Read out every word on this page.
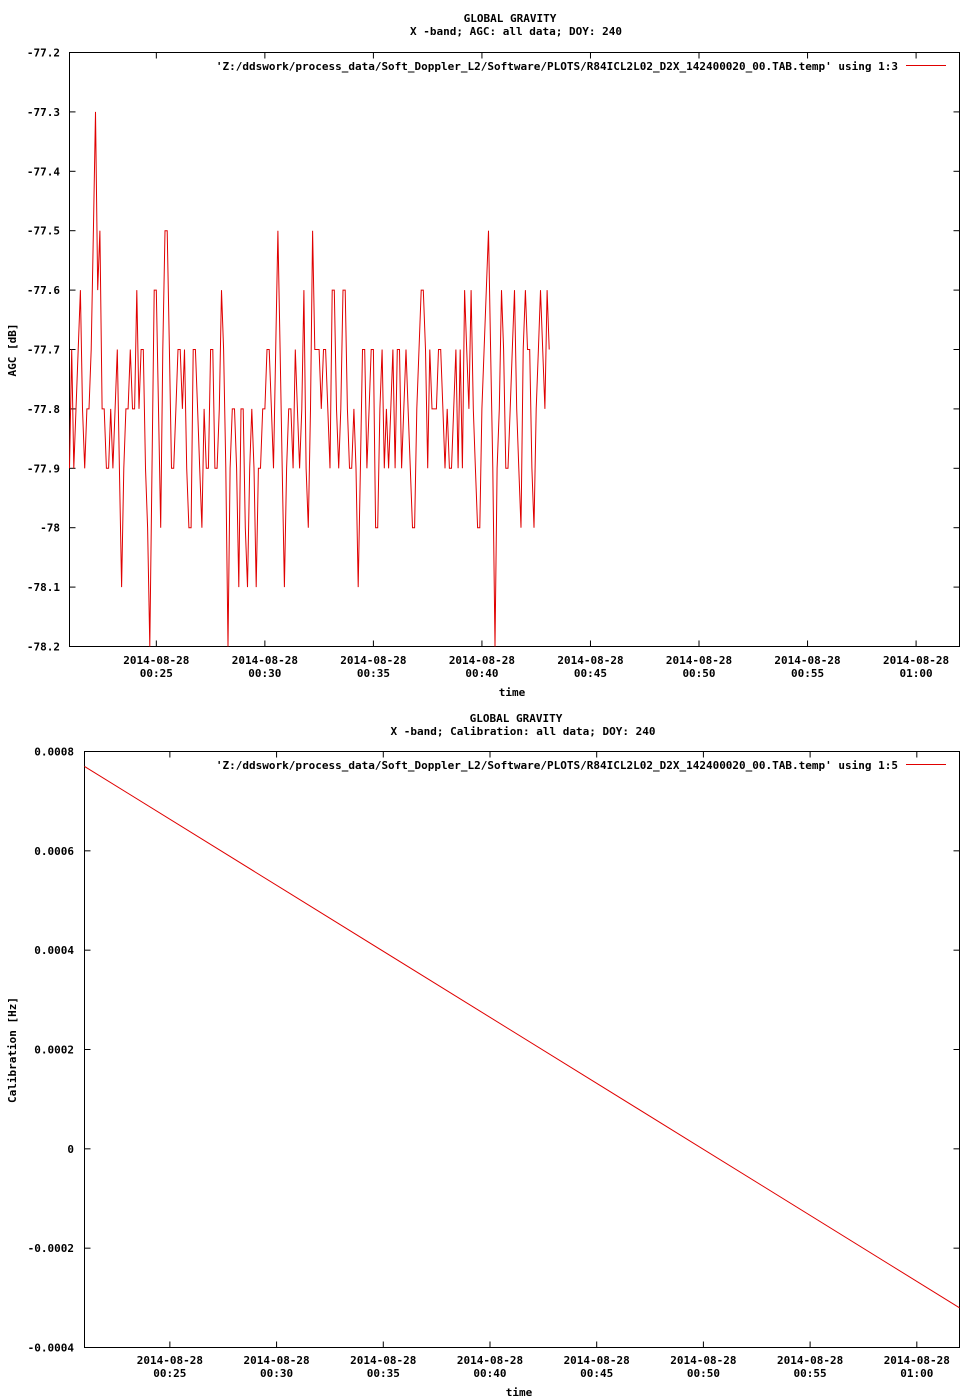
GLOBAL GRAVITY
X -band; AGC: all data; DOY: 240
AGC [dB]
time
-77.2
-77.3
-77.4
-77.5
-77.6
-77.7
-77.8
-77.9
-78
-78.1
-78.2
2014-08-28
00:25
2014-08-28
00:30
2014-08-28
00:35
2014-08-28
00:40
2014-08-28
00:45
2014-08-28
00:50
2014-08-28
00:55
2014-08-28
01:00
'Z:/ddswork/process_data/Soft_Doppler_L2/Software/PLOTS/R84ICL2L02_D2X_142400020_00.TAB.temp' using 1:3
GLOBAL GRAVITY
X -band; Calibration: all data; DOY: 240
Calibration [Hz]
time
0.0008
0.0006
0.0004
0.0002
0
-0.0002
-0.0004
2014-08-28
00:25
2014-08-28
00:30
2014-08-28
00:35
2014-08-28
00:40
2014-08-28
00:45
2014-08-28
00:50
2014-08-28
00:55
2014-08-28
01:00
'Z:/ddswork/process_data/Soft_Doppler_L2/Software/PLOTS/R84ICL2L02_D2X_142400020_00.TAB.temp' using 1:5
